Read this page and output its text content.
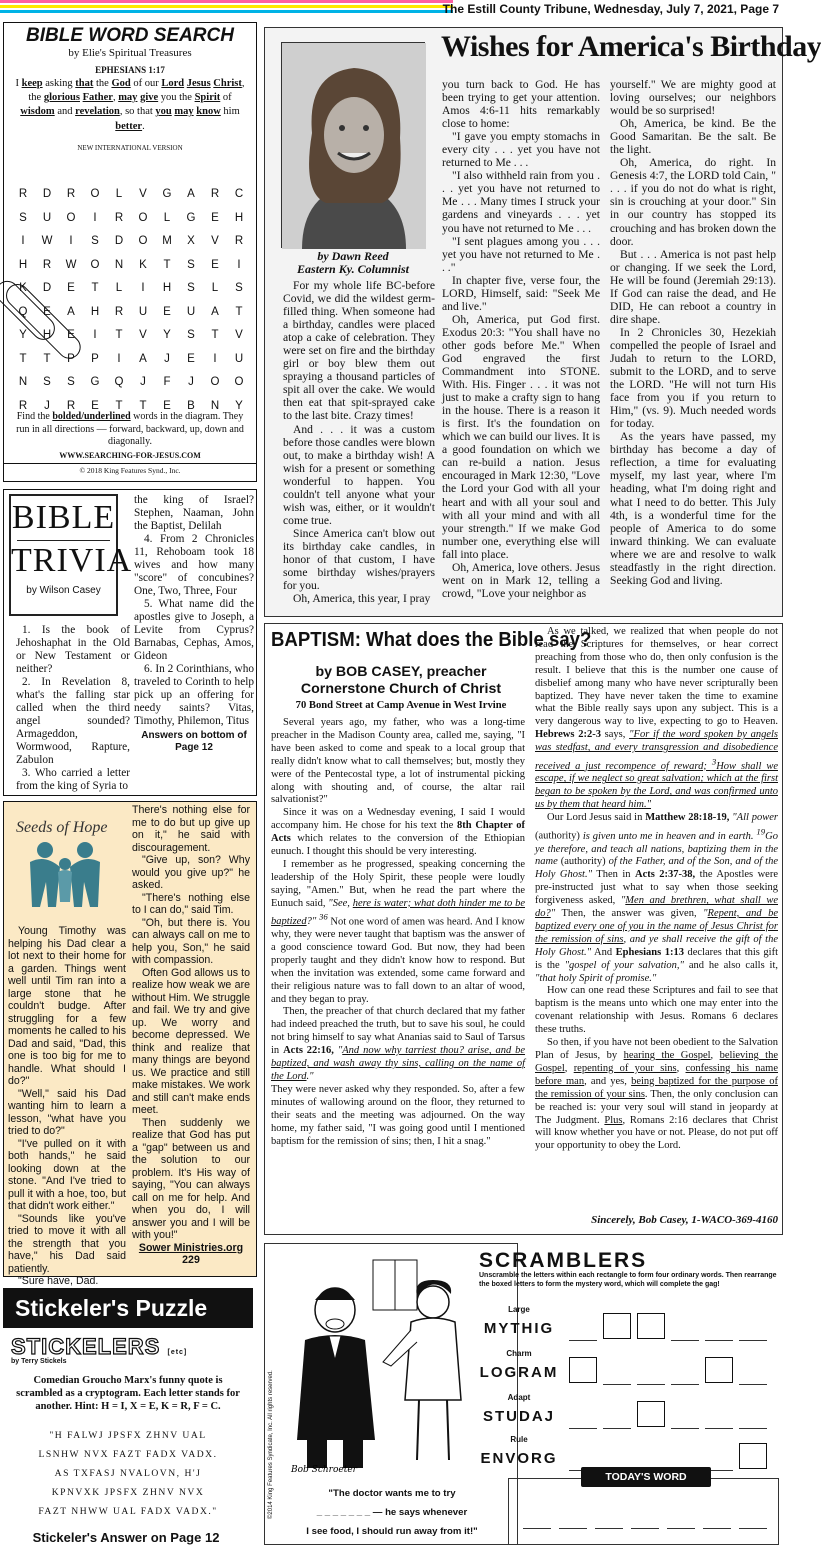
The Estill County Tribune, Wednesday, July 7, 2021, Page 7
BIBLE WORD SEARCH
by Elie's Spiritual Treasures
EPHESIANS 1:17
I keep asking that the God of our Lord Jesus Christ, the glorious Father, may give you the Spirit of wisdom and revelation, so that you may know him better.
NEW INTERNATIONAL VERSION
R	D	R	O	L	V	G	A	R	C
S	U	O	I	R	O	L	G	E	H
I	W	I	S	D	O	M	X	V	R
H	R	W	O	N	K	T	S	E	I
K	D	E	T	L	I	H	S	L	S
Q	E	A	H	R	U	E	U	A	T
Y	H	E	I	T	V	Y	S	T	V
T	T	P	P	I	A	J	E	I	U
N	S	S	G	Q	J	F	J	O	O
R	J	R	E	T	T	E	B	N	Y
Find the bolded/underlined words in the diagram. They run in all directions — forward, backward, up, down and diagonally.
WWW.SEARCHING-FOR-JESUS.COM
© 2018 King Features Synd., Inc.
BIBLE
TRIVIA
by Wilson Casey

the king of Israel? Stephen, Naaman, John the Baptist, Delilah

4. From 2 Chronicles 11, Rehoboam took 18 wives and how many "score" of concubines? One, Two, Three, Four

5. What name did the apostles give to Joseph, a Levite from Cyprus? Barnabas, Cephas, Amos, Gideon

6. In 2 Corinthians, who traveled to Corinth to help pick up an offering for needy saints? Vitas, Timothy, Philemon, Titus

Answers on bottom of Page 12

1. Is the book of Jehoshaphat in the Old or New Testament or neither?

2. In Revelation 8, what's the falling star called when the third angel sounded? Armageddon, Wormwood, Rapture, Zabulon

3. Who carried a letter from the king of Syria to

Seeds of Hope

Young Timothy was helping his Dad clear a lot next to their home for a garden. Things went well until Tim ran into a large stone that he couldn't budge. After struggling for a few moments he called to his Dad and said, "Dad, this one is too big for me to handle. What should I do?"

"Well," said his Dad wanting him to learn a lesson, "what have you tried to do?"

"I've pulled on it with both hands," he said looking down at the stone. "And I've tried to pull it with a hoe, too, but that didn't work either."

"Sounds like you've tried to move it with all the strength that you have," his Dad said patiently.

"Sure have, Dad.

There's nothing else for me to do but up give up on it," he said with discouragement.

"Give up, son? Why would you give up?" he asked.

"There's nothing else to I can do," said Tim.

"Oh, but there is. You can always call on me to help you, Son," he said with compassion.

Often God allows us to realize how weak we are without Him. We struggle and fail. We try and give up. We worry and become depressed. We think and realize that many things are beyond us. We practice and still make mistakes. We work and still can't make ends meet.

Then suddenly we realize that God has put a "gap" between us and the solution to our problem. It's His way of saying, "You can always call on me for help. And when you do, I will answer you and I will be with you!"

Sower Ministries.org
229
Stickeler's Puzzle
STICKELERS [etc]
by Terry Stickels
Comedian Groucho Marx's funny quote is scrambled as a cryptogram. Each letter stands for another. Hint: H = I, X = E, K = R, F = C.
"H FALWJ JPSFX ZHNV UAL
LSNHW NVX FAZT FADX VADX.
AS TXFASJ NVALOVN, H'J
KPNVXK JPSFX ZHNV NVX
FAZT NHWW UAL FADX VADX."
Stickeler's Answer on Page 12
Wishes for America's Birthday
by Dawn Reed
Eastern Ky. Columnist

For my whole life BC-before Covid, we did the wildest germ-filled thing. When someone had a birthday, candles were placed atop a cake of celebration. They were set on fire and the birthday girl or boy blew them out spraying a thousand particles of spit all over the cake. We would then eat that spit-sprayed cake to the last bite. Crazy times!

And . . . it was a custom before those candles were blown out, to make a birthday wish! A wish for a present or something wonderful to happen. You couldn't tell anyone what your wish was, either, or it wouldn't come true.

Since America can't blow out its birthday cake candles, in honor of that custom, I have some birthday wishes/prayers for you.

Oh, America, this year, I pray

you turn back to God. He has been trying to get your attention. Amos 4:6-11 hits remarkably close to home:

"I gave you empty stomachs in every city . . . yet you have not returned to Me . . .

"I also withheld rain from you . . . yet you have not returned to Me . . . Many times I struck your gardens and vineyards . . . yet you have not returned to Me . . .

"I sent plagues among you . . . yet you have not returned to Me . . ."

In chapter five, verse four, the LORD, Himself, said: "Seek Me and live."

Oh, America, put God first. Exodus 20:3: "You shall have no other gods before Me." When God engraved the first Commandment into STONE. With. His. Finger . . . it was not just to make a crafty sign to hang in the house. There is a reason it is first. It's the foundation on which we can build our lives. It is a good foundation on which we can re-build a nation. Jesus encouraged in Mark 12:30, "Love the Lord your God with all your heart and with all your soul and with all your mind and with all your strength." If we make God number one, everything else will fall into place.

Oh, America, love others. Jesus went on in Mark 12, telling a crowd, "Love your neighbor as

yourself." We are mighty good at loving ourselves; our neighbors would be so surprised!

Oh, America, be kind. Be the Good Samaritan. Be the salt. Be the light.

Oh, America, do right. In Genesis 4:7, the LORD told Cain, " . . . if you do not do what is right, sin is crouching at your door." Sin in our country has stopped its crouching and has broken down the door.

But . . . America is not past help or changing. If we seek the Lord, He will be found (Jeremiah 29:13). If God can raise the dead, and He DID, He can reboot a country in dire shape.

In 2 Chronicles 30, Hezekiah compelled the people of Israel and Judah to return to the LORD, submit to the LORD, and to serve the LORD. "He will not turn His face from you if you return to Him," (vs. 9). Much needed words for today.

As the years have passed, my birthday has become a day of reflection, a time for evaluating myself, my last year, where I'm heading, what I'm doing right and what I need to do better. This July 4th, is a wonderful time for the people of America to do some inward thinking. We can evaluate where we are and resolve to walk steadfastly in the right direction. Seeking God and living.

BAPTISM: What does the Bible say?
by BOB CASEY, preacher
Cornerstone Church of Christ
70 Bond Street at Camp Avenue in West Irvine

Several years ago, my father, who was a long-time preacher in the Madison County area, called me, saying, "I have been asked to come and speak to a local group that really didn't know what to call themselves; but, mostly they were of the Pentecostal type, a lot of instrumental picking along with shouting and, of course, the altar rail salvationist?"

Since it was on a Wednesday evening, I said I would accompany him. He chose for his text the 8th Chapter of Acts which relates to the conversion of the Ethiopian eunuch. I thought this should be very interesting.

I remember as he progressed, speaking concerning the leadership of the Holy Spirit, these people were loudly saying, "Amen." But, when he read the part where the Eunuch said, "See, here is water; what doth hinder me to be baptized?" $^{36}$ Not one word of amen was heard. And I know why, they were never taught that baptism was the answer of a good conscience toward God. But now, they had been properly taught and they didn't know how to respond. But when the invitation was extended, some came forward and their religious nature was to fall down to an altar of wood, and they began to pray.

Then, the preacher of that church declared that my father had indeed preached the truth, but to save his soul, he could not bring himself to say what Ananias said to Saul of Tarsus in Acts 22:16, "And now why tarriest thou? arise, and be baptized, and wash away thy sins, calling on the name of the Lord."

They were never asked why they responded. So, after a few minutes of wallowing around on the floor, they returned to their seats and the meeting was adjourned. On the way home, my father said, "I was going good until I mentioned baptism for the remission of sins; then, I hit a snag."

As we talked, we realized that when people do not read the Scriptures for themselves, or hear correct preaching from those who do, then only confusion is the result. I believe that this is the number one cause of disbelief among many who have never scripturally been baptized. They have never taken the time to examine what the Bible really says upon any subject. This is a very dangerous way to live, expecting to go to Heaven. Hebrews 2:2-3 says, "For if the word spoken by angels was stedfast, and every transgression and disobedience received a just recompence of reward; $^3$How shall we escape, if we neglect so great salvation; which at the first began to be spoken by the Lord, and was confirmed unto us by them that heard him."

Our Lord Jesus said in Matthew 28:18-19, "All power (authority) is given unto me in heaven and in earth. $^{19}$Go ye therefore, and teach all nations, baptizing them in the name (authority) of the Father, and of the Son, and of the Holy Ghost." Then in Acts 2:37-38, the Apostles were pre-instructed just what to say when those seeking forgiveness asked, "Men and brethren, what shall we do?" Then, the answer was given, "Repent, and be baptized every one of you in the name of Jesus Christ for the remission of sins, and ye shall receive the gift of the Holy Ghost." And Ephesians 1:13 declares that this gift is the "gospel of your salvation," and he also calls it, "that holy Spirit of promise."

How can one read these Scriptures and fail to see that baptism is the means unto which one may enter into the covenant relationship with Jesus. Romans 6 declares these truths.

So then, if you have not been obedient to the Salvation Plan of Jesus, by hearing the Gospel, believing the Gospel, repenting of your sins, confessing his name before man, and yes, being baptized for the purpose of the remission of your sins. Then, the only conclusion can be reached is: your very soul will stand in jeopardy at The Judgment. Plus, Romans 2:16 declares that Christ will know whether you have or not. Please, do not put off your opportunity to obey the Lord.

Sincerely, Bob Casey, 1-WACO-369-4160
©2014 King Features Syndicate, Inc. All rights reserved. Bob Schroeter
"The doctor wants me to try
_ _ _ _ _ _ _ — he says whenever
I see food, I should run away from it!"
SCRAMBLERS
Unscramble the letters within each rectangle to form four ordinary words. Then rearrange the boxed letters to form the mystery word, which will complete the gag!
Large
MYTHIG
Charm
LOGRAM
Adapt
STUDAJ
Rule
ENVORG
TODAY'S WORD
